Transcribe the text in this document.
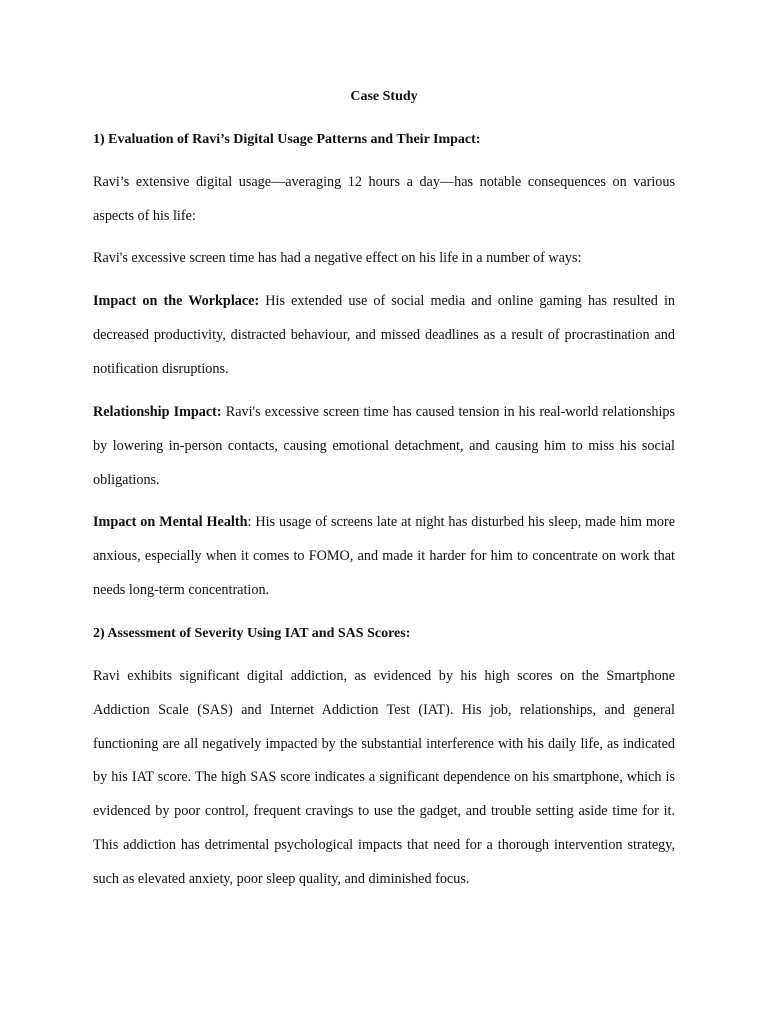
Case Study
1) Evaluation of Ravi’s Digital Usage Patterns and Their Impact:

Ravi’s extensive digital usage—averaging 12 hours a day—has notable consequences on various aspects of his life:

Ravi's excessive screen time has had a negative effect on his life in a number of ways:

Impact on the Workplace: His extended use of social media and online gaming has resulted in decreased productivity, distracted behaviour, and missed deadlines as a result of procrastination and notification disruptions.

Relationship Impact: Ravi's excessive screen time has caused tension in his real-world relationships by lowering in-person contacts, causing emotional detachment, and causing him to miss his social obligations.

Impact on Mental Health: His usage of screens late at night has disturbed his sleep, made him more anxious, especially when it comes to FOMO, and made it harder for him to concentrate on work that needs long-term concentration.

2) Assessment of Severity Using IAT and SAS Scores:

Ravi exhibits significant digital addiction, as evidenced by his high scores on the Smartphone Addiction Scale (SAS) and Internet Addiction Test (IAT). His job, relationships, and general functioning are all negatively impacted by the substantial interference with his daily life, as indicated by his IAT score. The high SAS score indicates a significant dependence on his smartphone, which is evidenced by poor control, frequent cravings to use the gadget, and trouble setting aside time for it. This addiction has detrimental psychological impacts that need for a thorough intervention strategy, such as elevated anxiety, poor sleep quality, and diminished focus.
